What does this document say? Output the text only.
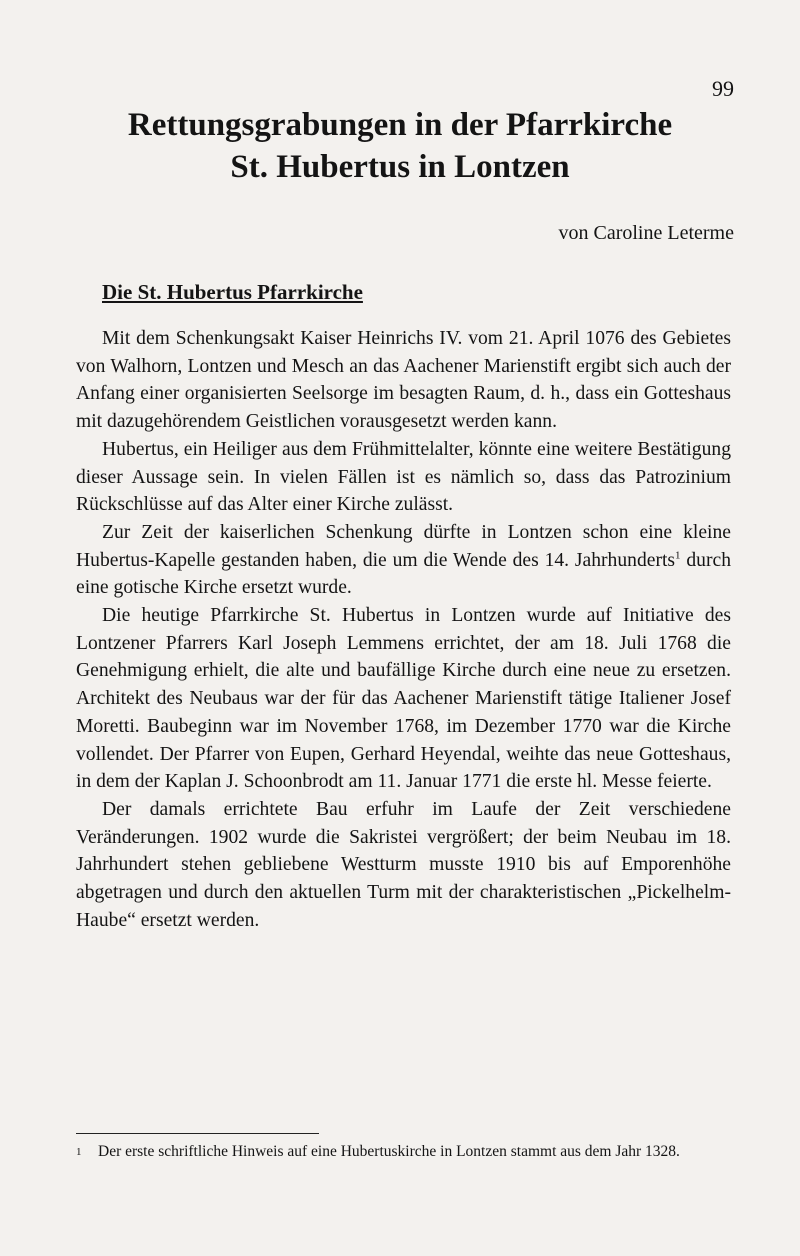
99
Rettungsgrabungen in der Pfarrkirche
St. Hubertus in Lontzen
von Caroline Leterme
Die St. Hubertus Pfarrkirche

Mit dem Schenkungsakt Kaiser Heinrichs IV. vom 21. April 1076 des Gebietes von Walhorn, Lontzen und Mesch an das Aachener Marienstift ergibt sich auch der Anfang einer organisierten Seelsorge im besagten Raum, d. h., dass ein Gotteshaus mit dazugehörendem Geistlichen vorausgesetzt werden kann.

Hubertus, ein Heiliger aus dem Frühmittelalter, könnte eine weitere Bestätigung dieser Aussage sein. In vielen Fällen ist es nämlich so, dass das Patrozinium Rückschlüsse auf das Alter einer Kirche zulässt.

Zur Zeit der kaiserlichen Schenkung dürfte in Lontzen schon eine kleine Hubertus-Kapelle gestanden haben, die um die Wende des 14. Jahrhunderts$^1$ durch eine gotische Kirche ersetzt wurde.

Die heutige Pfarrkirche St. Hubertus in Lontzen wurde auf Initiative des Lontzener Pfarrers Karl Joseph Lemmens errichtet, der am 18. Juli 1768 die Genehmigung erhielt, die alte und baufällige Kirche durch eine neue zu ersetzen. Architekt des Neubaus war der für das Aachener Marienstift tätige Italiener Josef Moretti. Baubeginn war im November 1768, im Dezember 1770 war die Kirche vollendet. Der Pfarrer von Eupen, Gerhard Heyendal, weihte das neue Gotteshaus, in dem der Kaplan J. Schoonbrodt am 11. Januar 1771 die erste hl. Messe feierte.

Der damals errichtete Bau erfuhr im Laufe der Zeit verschiedene Veränderungen. 1902 wurde die Sakristei vergrößert; der beim Neubau im 18. Jahrhundert stehen gebliebene Westturm musste 1910 bis auf Emporenhöhe abgetragen und durch den aktuellen Turm mit der charakteristischen „Pickelhelm-Haube“ ersetzt werden.

1 Der erste schriftliche Hinweis auf eine Hubertuskirche in Lontzen stammt aus dem Jahr 1328.
